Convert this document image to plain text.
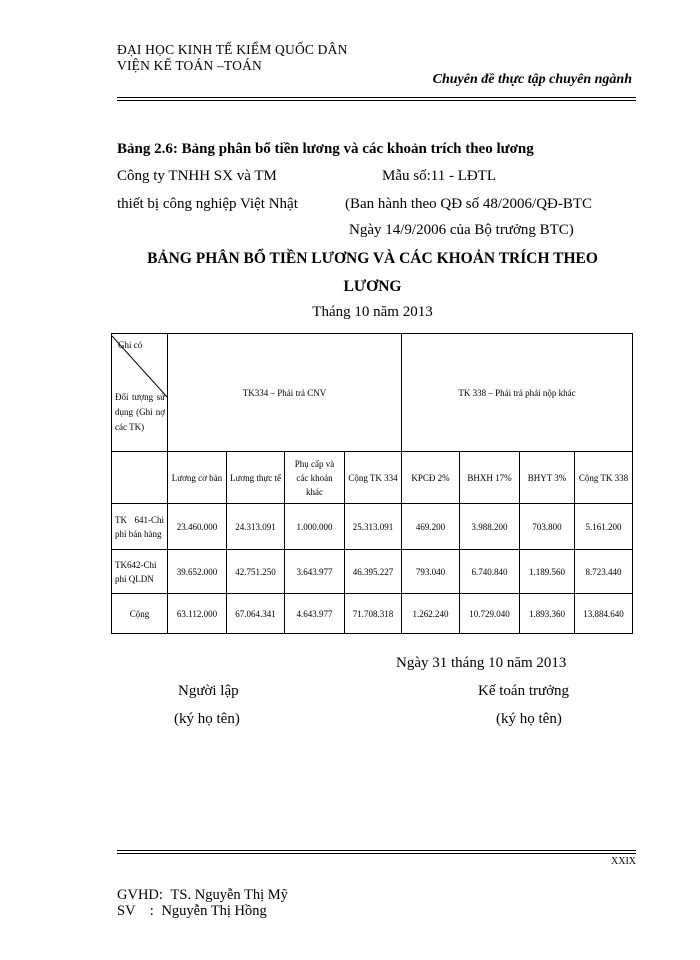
ĐẠI HỌC KINH TẾ KIỂM QUỐC DÂN
VIỆN KẾ TOÁN –TOÁN
Chuyên đề thực tập chuyên ngành
Bảng 2.6: Bảng phân bổ tiền lương và các khoản trích theo lương
Công ty TNHH SX và TM
thiết bị công nghiệp Việt Nhật
Mẫu số:11 - LĐTL
(Ban hành theo QĐ số 48/2006/QĐ-BTC
Ngày 14/9/2006 của Bộ trưởng BTC)
BẢNG PHÂN BỔ TIỀN LƯƠNG VÀ CÁC KHOẢN TRÍCH THEO
LƯƠNG
Tháng 10 năm 2013
Ghi có
Đối tượng sử dụng (Ghi nợ các TK)	TK334 – Phải trả CNV				TK 338 – Phải trả phải nộp khác			
	Lương cơ bản	Lương thực tế	Phụ cấp và các khoản khác	Cộng TK 334	KPCĐ 2%	BHXH 17%	BHYT 3%	Cộng TK 338
TK 641-Chi phí bán hàng	23.460.000	24.313.091	1.000.000	25.313.091	469.200	3.988.200	703.800	5.161.200
TK642-Chi phí QLDN	39.652.000	42.751.250	3.643.977	46.395.227	793.040	6.740.840	1.189.560	8.723.440
Cộng	63.112.000	67.064.341	4.643.977	71.708.318	1.262.240	10.729.040	1.893.360	13.884.640
Ngày 31 tháng 10 năm 2013
Người lập	Kế toán trưởng
(ký họ tên)	(ký họ tên)
XXIX
GVHD: TS. Nguyễn Thị Mỹ
SV    : Nguyễn Thị Hồng
